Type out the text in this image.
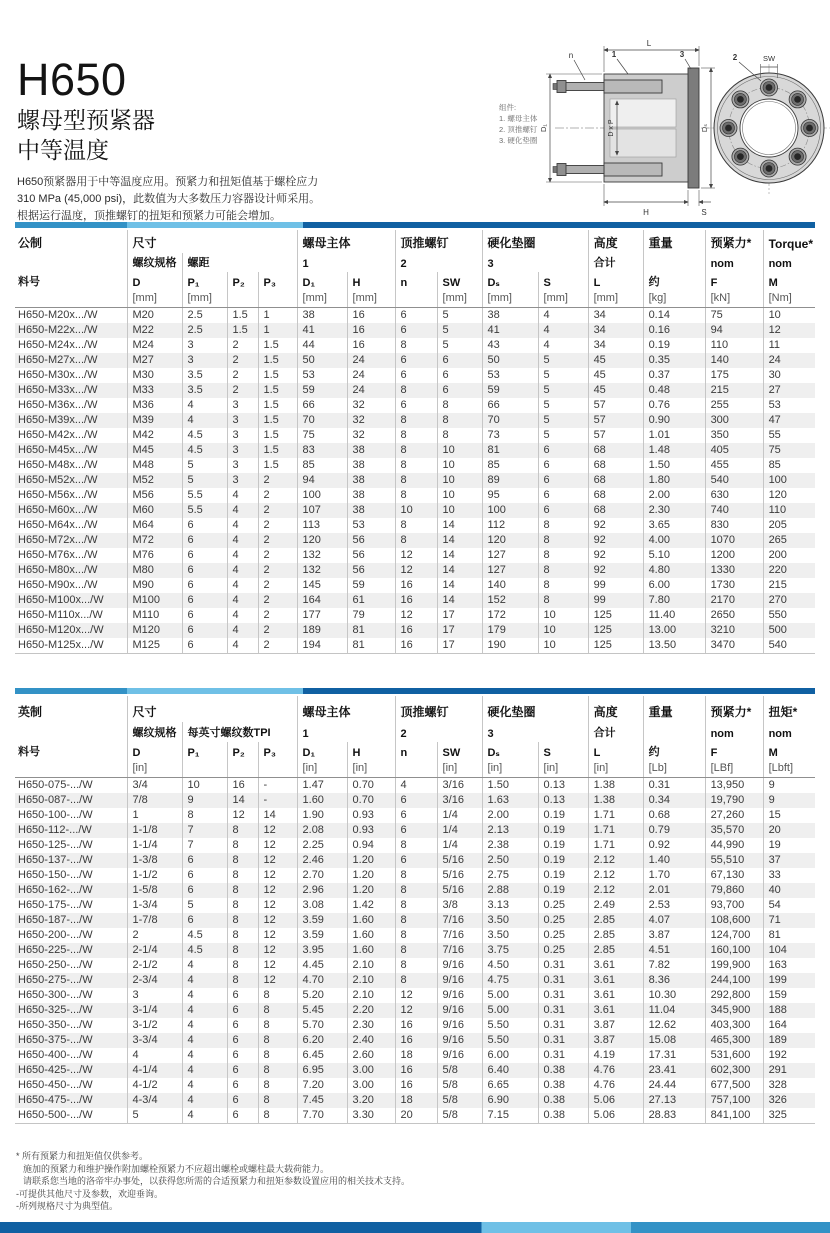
H650
螺母型预紧器
中等温度
H650预紧器用于中等温度应用。预紧力和扭矩值基于螺栓应力
310 MPa (45,000 psi)，此数值为大多数压力容器设计师采用。
根据运行温度，顶推螺钉的扭矩和预紧力可能会增加。
组件:
1. 螺母主体
2. 顶推螺钉
3. 硬化垫圈
L
n	1	3
D₁	D x P	Dₛ
H	S
2	SW
公制	尺寸				螺母主体		顶推螺钉		硬化垫圈		高度	重量	预紧力*	Torque*
	螺纹规格	螺距			1		2		3		合计		nom	nom
料号	D	P₁	P₂	P₃	D₁	H	n	SW	Dₛ	S	L	约	F	M
	[mm]	[mm]			[mm]	[mm]		[mm]	[mm]	[mm]	[mm]	[kg]	[kN]	[Nm]
H650-M20x.../W	M20	2.5	1.5	1	38	16	6	5	38	4	34	0.14	75	10
H650-M22x.../W	M22	2.5	1.5	1	41	16	6	5	41	4	34	0.16	94	12
H650-M24x.../W	M24	3	2	1.5	44	16	8	5	43	4	34	0.19	110	11
H650-M27x.../W	M27	3	2	1.5	50	24	6	6	50	5	45	0.35	140	24
H650-M30x.../W	M30	3.5	2	1.5	53	24	6	6	53	5	45	0.37	175	30
H650-M33x.../W	M33	3.5	2	1.5	59	24	8	6	59	5	45	0.48	215	27
H650-M36x.../W	M36	4	3	1.5	66	32	6	8	66	5	57	0.76	255	53
H650-M39x.../W	M39	4	3	1.5	70	32	8	8	70	5	57	0.90	300	47
H650-M42x.../W	M42	4.5	3	1.5	75	32	8	8	73	5	57	1.01	350	55
H650-M45x.../W	M45	4.5	3	1.5	83	38	8	10	81	6	68	1.48	405	75
H650-M48x.../W	M48	5	3	1.5	85	38	8	10	85	6	68	1.50	455	85
H650-M52x.../W	M52	5	3	2	94	38	8	10	89	6	68	1.80	540	100
H650-M56x.../W	M56	5.5	4	2	100	38	8	10	95	6	68	2.00	630	120
H650-M60x.../W	M60	5.5	4	2	107	38	10	10	100	6	68	2.30	740	110
H650-M64x.../W	M64	6	4	2	113	53	8	14	112	8	92	3.65	830	205
H650-M72x.../W	M72	6	4	2	120	56	8	14	120	8	92	4.00	1070	265
H650-M76x.../W	M76	6	4	2	132	56	12	14	127	8	92	5.10	1200	200
H650-M80x.../W	M80	6	4	2	132	56	12	14	127	8	92	4.80	1330	220
H650-M90x.../W	M90	6	4	2	145	59	16	14	140	8	99	6.00	1730	215
H650-M100x.../W	M100	6	4	2	164	61	16	14	152	8	99	7.80	2170	270
H650-M110x.../W	M110	6	4	2	177	79	12	17	172	10	125	11.40	2650	550
H650-M120x.../W	M120	6	4	2	189	81	16	17	179	10	125	13.00	3210	500
H650-M125x.../W	M125	6	4	2	194	81	16	17	190	10	125	13.50	3470	540
英制	尺寸				螺母主体		顶推螺钉		硬化垫圈		高度	重量	预紧力*	扭矩*
	螺纹规格	每英寸螺纹数TPI			1		2		3		合计		nom	nom
料号	D	P₁	P₂	P₃	D₁	H	n	SW	Dₛ	S	L	约	F	M
	[in]				[in]	[in]		[in]	[in]	[in]	[in]	[Lb]	[LBf]	[Lbft]
H650-075-.../W	3/4	10	16	-	1.47	0.70	4	3/16	1.50	0.13	1.38	0.31	13,950	9
H650-087-.../W	7/8	9	14	-	1.60	0.70	6	3/16	1.63	0.13	1.38	0.34	19,790	9
H650-100-.../W	1	8	12	14	1.90	0.93	6	1/4	2.00	0.19	1.71	0.68	27,260	15
H650-112-.../W	1-1/8	7	8	12	2.08	0.93	6	1/4	2.13	0.19	1.71	0.79	35,570	20
H650-125-.../W	1-1/4	7	8	12	2.25	0.94	8	1/4	2.38	0.19	1.71	0.92	44,990	19
H650-137-.../W	1-3/8	6	8	12	2.46	1.20	6	5/16	2.50	0.19	2.12	1.40	55,510	37
H650-150-.../W	1-1/2	6	8	12	2.70	1.20	8	5/16	2.75	0.19	2.12	1.70	67,130	33
H650-162-.../W	1-5/8	6	8	12	2.96	1.20	8	5/16	2.88	0.19	2.12	2.01	79,860	40
H650-175-.../W	1-3/4	5	8	12	3.08	1.42	8	3/8	3.13	0.25	2.49	2.53	93,700	54
H650-187-.../W	1-7/8	6	8	12	3.59	1.60	8	7/16	3.50	0.25	2.85	4.07	108,600	71
H650-200-.../W	2	4.5	8	12	3.59	1.60	8	7/16	3.50	0.25	2.85	3.87	124,700	81
H650-225-.../W	2-1/4	4.5	8	12	3.95	1.60	8	7/16	3.75	0.25	2.85	4.51	160,100	104
H650-250-.../W	2-1/2	4	8	12	4.45	2.10	8	9/16	4.50	0.31	3.61	7.82	199,900	163
H650-275-.../W	2-3/4	4	8	12	4.70	2.10	8	9/16	4.75	0.31	3.61	8.36	244,100	199
H650-300-.../W	3	4	6	8	5.20	2.10	12	9/16	5.00	0.31	3.61	10.30	292,800	159
H650-325-.../W	3-1/4	4	6	8	5.45	2.20	12	9/16	5.00	0.31	3.61	11.04	345,900	188
H650-350-.../W	3-1/2	4	6	8	5.70	2.30	16	9/16	5.50	0.31	3.87	12.62	403,300	164
H650-375-.../W	3-3/4	4	6	8	6.20	2.40	16	9/16	5.50	0.31	3.87	15.08	465,300	189
H650-400-.../W	4	4	6	8	6.45	2.60	18	9/16	6.00	0.31	4.19	17.31	531,600	192
H650-425-.../W	4-1/4	4	6	8	6.95	3.00	16	5/8	6.40	0.38	4.76	23.41	602,300	291
H650-450-.../W	4-1/2	4	6	8	7.20	3.00	16	5/8	6.65	0.38	4.76	24.44	677,500	328
H650-475-.../W	4-3/4	4	6	8	7.45	3.20	18	5/8	6.90	0.38	5.06	27.13	757,100	326
H650-500-.../W	5	4	6	8	7.70	3.30	20	5/8	7.15	0.38	5.06	28.83	841,100	325
* 所有预紧力和扭矩值仅供参考。
施加的预紧力和维护操作附加螺栓预紧力不应超出螺栓或螺柱最大载荷能力。
请联系您当地的洛帝牢办事处，以获得您所需的合适预紧力和扭矩参数设置应用的相关技术支持。
-可提供其他尺寸及参数，欢迎垂询。
-所列规格尺寸为典型值。
